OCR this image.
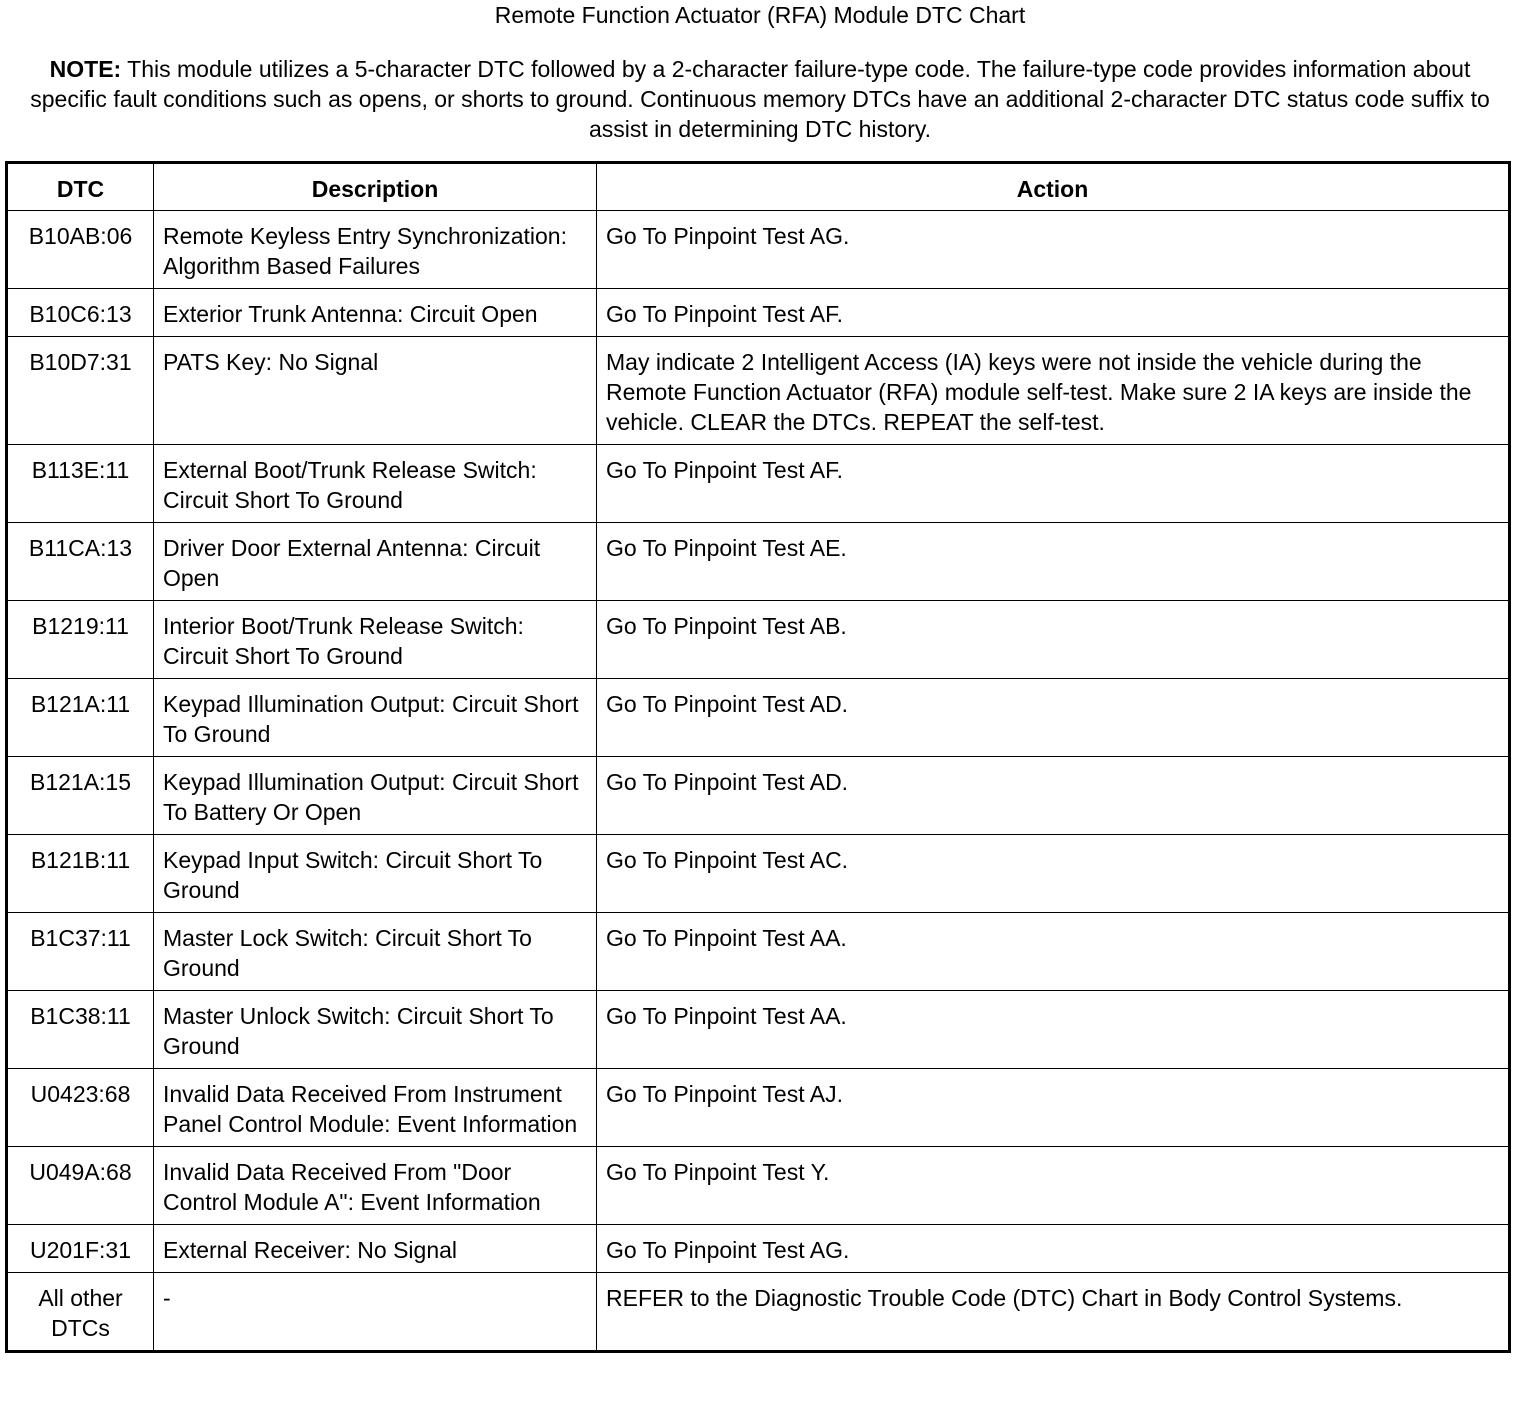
Remote Function Actuator (RFA) Module DTC Chart
NOTE: This module utilizes a 5-character DTC followed by a 2-character failure-type code. The failure-type code provides information about specific fault conditions such as opens, or shorts to ground. Continuous memory DTCs have an additional 2-character DTC status code suffix to assist in determining DTC history.
DTC	Description	Action
B10AB:06	Remote Keyless Entry Synchronization: Algorithm Based Failures	Go To Pinpoint Test AG.
B10C6:13	Exterior Trunk Antenna: Circuit Open	Go To Pinpoint Test AF.
B10D7:31	PATS Key: No Signal	May indicate 2 Intelligent Access (IA) keys were not inside the vehicle during the Remote Function Actuator (RFA) module self-test. Make sure 2 IA keys are inside the vehicle. CLEAR the DTCs. REPEAT the self-test.
B113E:11	External Boot/Trunk Release Switch: Circuit Short To Ground	Go To Pinpoint Test AF.
B11CA:13	Driver Door External Antenna: Circuit Open	Go To Pinpoint Test AE.
B1219:11	Interior Boot/Trunk Release Switch: Circuit Short To Ground	Go To Pinpoint Test AB.
B121A:11	Keypad Illumination Output: Circuit Short To Ground	Go To Pinpoint Test AD.
B121A:15	Keypad Illumination Output: Circuit Short To Battery Or Open	Go To Pinpoint Test AD.
B121B:11	Keypad Input Switch: Circuit Short To Ground	Go To Pinpoint Test AC.
B1C37:11	Master Lock Switch: Circuit Short To Ground	Go To Pinpoint Test AA.
B1C38:11	Master Unlock Switch: Circuit Short To Ground	Go To Pinpoint Test AA.
U0423:68	Invalid Data Received From Instrument Panel Control Module: Event Information	Go To Pinpoint Test AJ.
U049A:68	Invalid Data Received From "Door Control Module A": Event Information	Go To Pinpoint Test Y.
U201F:31	External Receiver: No Signal	Go To Pinpoint Test AG.
All other DTCs	-	REFER to the Diagnostic Trouble Code (DTC) Chart in Body Control Systems.
